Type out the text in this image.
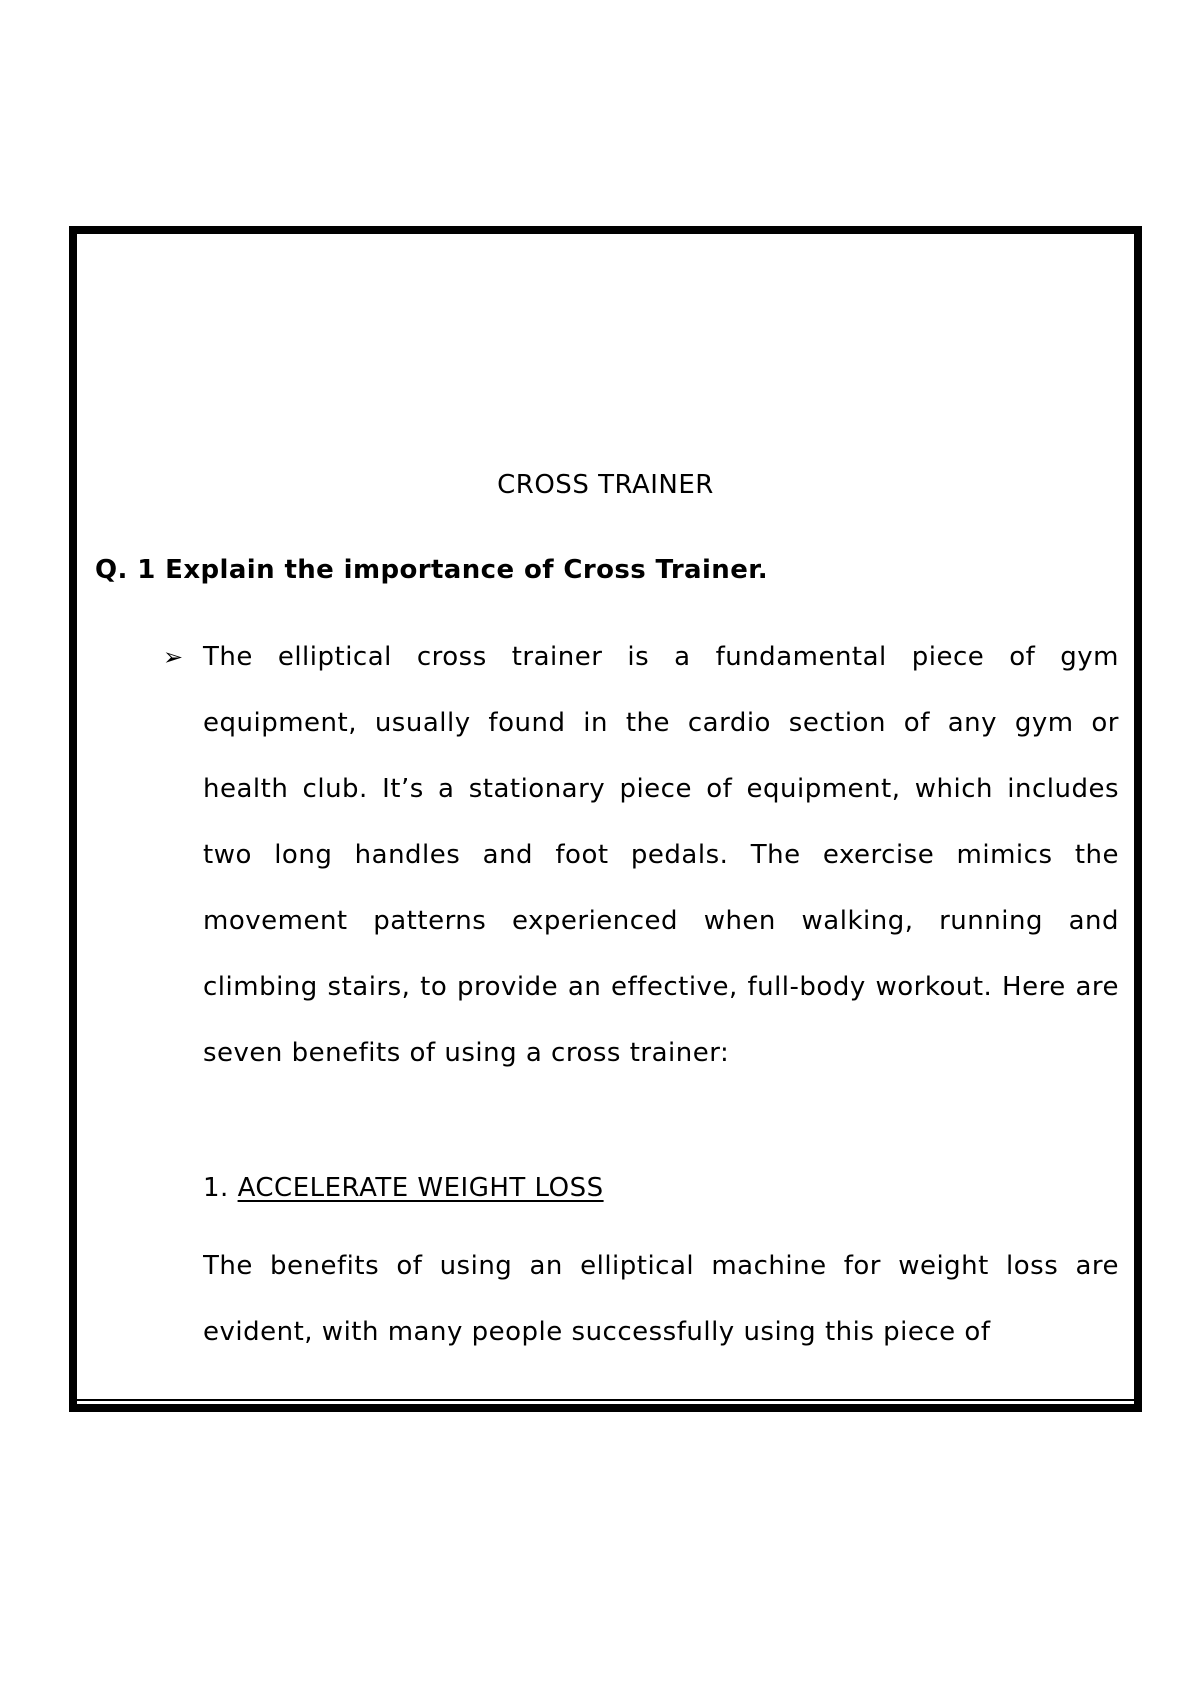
CROSS TRAINER
Q. 1 Explain the importance of Cross Trainer.
➢ The elliptical cross trainer is a fundamental piece of gym equipment, usually found in the cardio section of any gym or health club. It’s a stationary piece of equipment, which includes two long handles and foot pedals. The exercise mimics the movement patterns experienced when walking, running and climbing stairs, to provide an effective, full-body workout. Here are seven benefits of using a cross trainer:
1. ACCELERATE WEIGHT LOSS
The benefits of using an elliptical machine for weight loss are evident, with many people successfully using this piece of
